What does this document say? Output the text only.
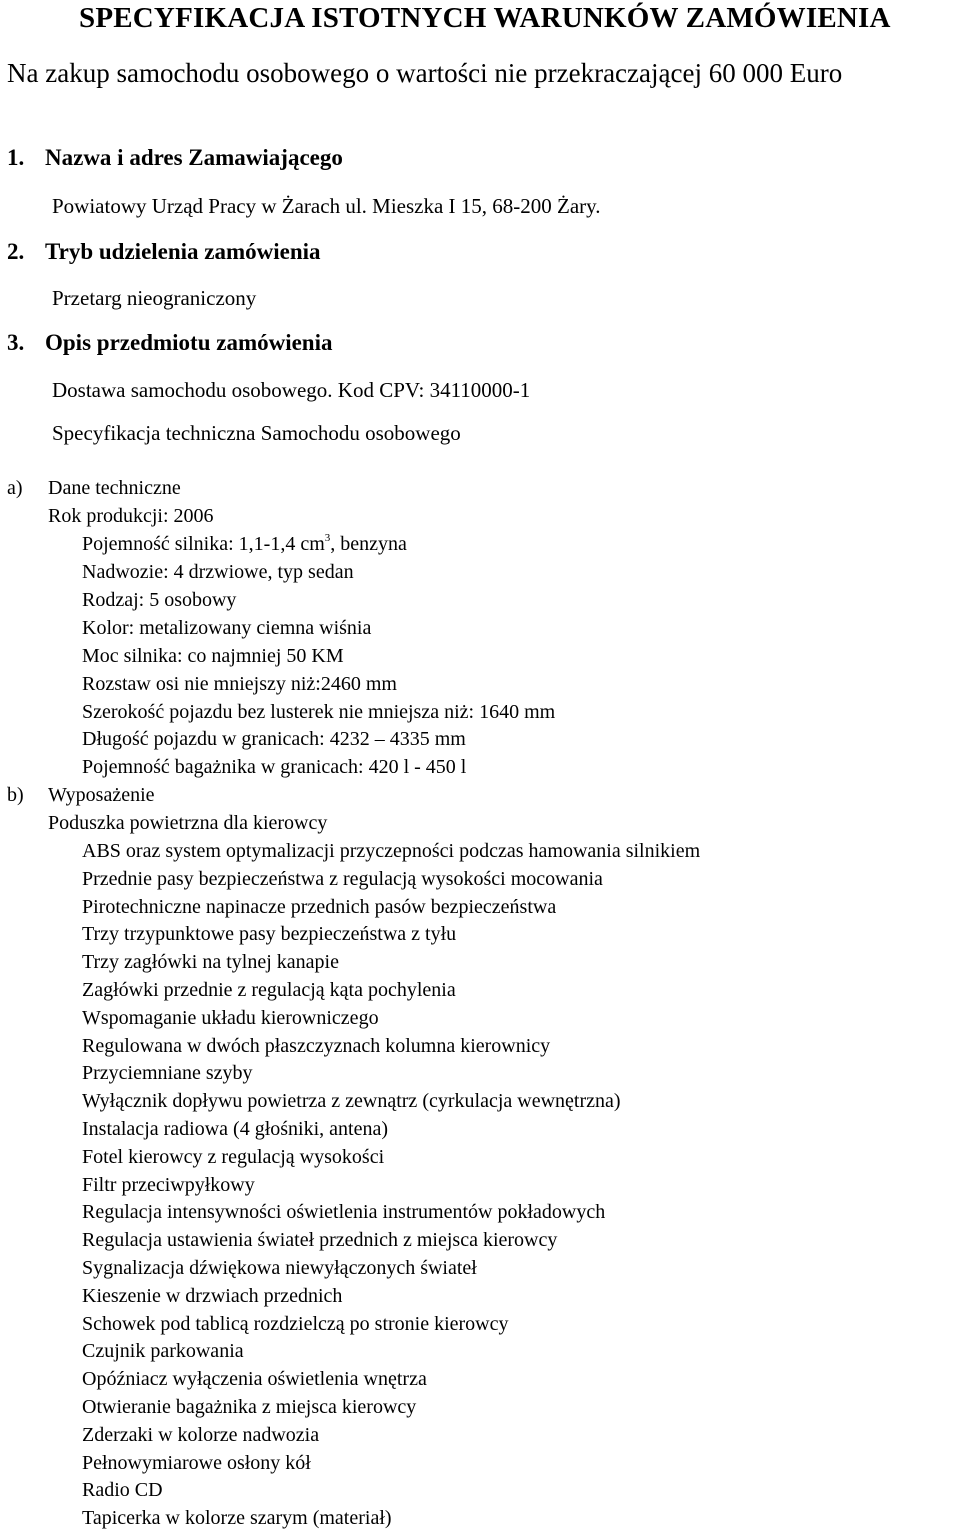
SPECYFIKACJA ISTOTNYCH WARUNKÓW ZAMÓWIENIA
Na zakup samochodu osobowego o wartości nie przekraczającej 60 000 Euro
1. Nazwa i adres Zamawiającego
Powiatowy Urząd Pracy w Żarach ul. Mieszka I 15, 68-200 Żary.
2. Tryb udzielenia zamówienia
Przetarg nieograniczony
3. Opis przedmiotu zamówienia
Dostawa samochodu osobowego. Kod CPV: 34110000-1
Specyfikacja techniczna Samochodu osobowego
a) Dane techniczne
Rok produkcji: 2006
Pojemność silnika: 1,1-1,4 $cm^3$, benzyna
Nadwozie: 4 drzwiowe, typ sedan
Rodzaj: 5 osobowy
Kolor: metalizowany ciemna wiśnia
Moc silnika: co najmniej 50 KM
Rozstaw osi nie mniejszy niż:2460 mm
Szerokość pojazdu bez lusterek nie mniejsza niż: 1640 mm
Długość pojazdu w granicach: 4232 – 4335 mm
Pojemność bagażnika w granicach: 420 l - 450 l
b) Wyposażenie
Poduszka powietrzna dla kierowcy
ABS oraz system optymalizacji przyczepności podczas hamowania silnikiem
Przednie pasy bezpieczeństwa z regulacją wysokości mocowania
Pirotechniczne napinacze przednich pasów bezpieczeństwa
Trzy trzypunktowe pasy bezpieczeństwa z tyłu
Trzy zagłówki na tylnej kanapie
Zagłówki przednie z regulacją kąta pochylenia
Wspomaganie układu kierowniczego
Regulowana w dwóch płaszczyznach kolumna kierownicy
Przyciemniane szyby
Wyłącznik dopływu powietrza z zewnątrz (cyrkulacja wewnętrzna)
Instalacja radiowa (4 głośniki, antena)
Fotel kierowcy z regulacją wysokości
Filtr przeciwpyłkowy
Regulacja intensywności oświetlenia instrumentów pokładowych
Regulacja ustawienia świateł przednich z miejsca kierowcy
Sygnalizacja dźwiękowa niewyłączonych świateł
Kieszenie w drzwiach przednich
Schowek pod tablicą rozdzielczą po stronie kierowcy
Czujnik parkowania
Opóźniacz wyłączenia oświetlenia wnętrza
Otwieranie bagażnika z miejsca kierowcy
Zderzaki w kolorze nadwozia
Pełnowymiarowe osłony kół
Radio CD
Tapicerka w kolorze szarym (materiał)
